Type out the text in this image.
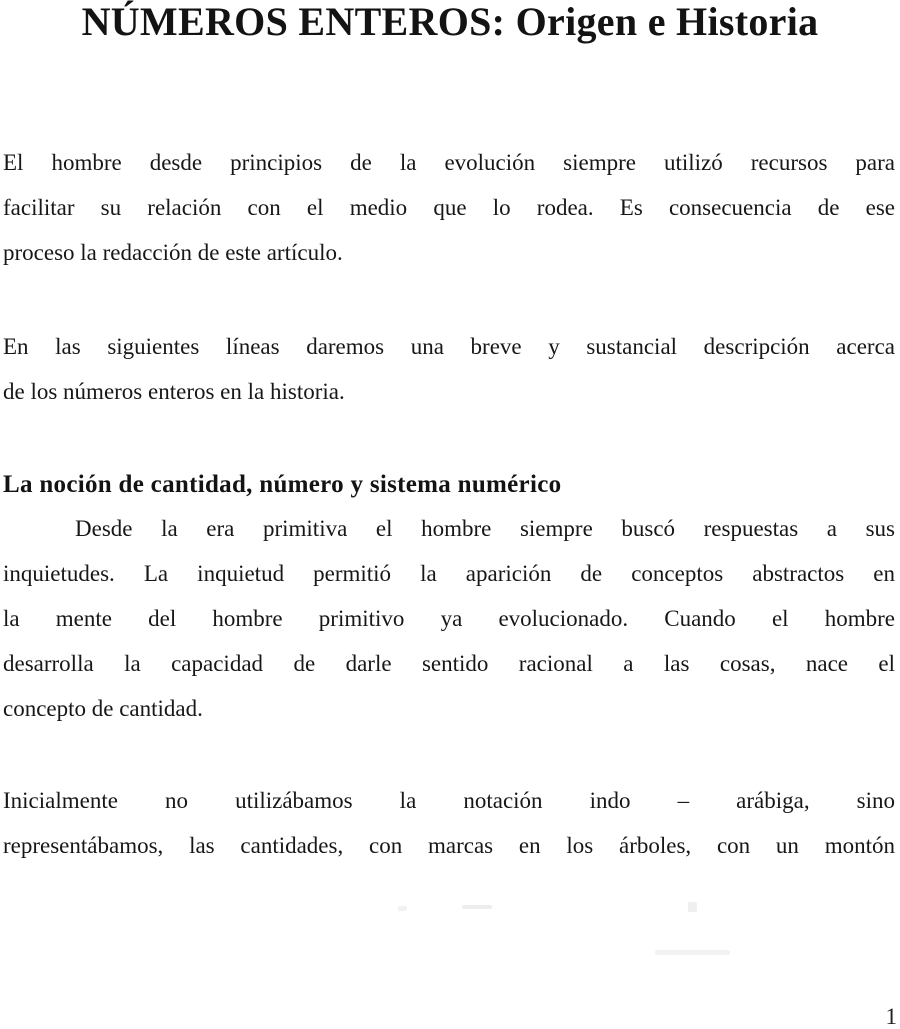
NÚMEROS ENTEROS: Origen e Historia
El hombre desde principios de la evolución siempre utilizó recursos para
facilitar su relación con el medio que lo rodea. Es consecuencia de ese
proceso la redacción de este artículo.
En las siguientes líneas daremos una breve y sustancial descripción acerca
de los números enteros en la historia.
La noción de cantidad, número y sistema numérico
Desde la era primitiva el hombre siempre buscó respuestas a sus
inquietudes. La inquietud permitió la aparición de conceptos abstractos en
la mente del hombre primitivo ya evolucionado. Cuando el hombre
desarrolla la capacidad de darle sentido racional a las cosas, nace el
concepto de cantidad.
Inicialmente no utilizábamos la notación indo – arábiga, sino
representábamos, las cantidades, con marcas en los árboles, con un montón
1
